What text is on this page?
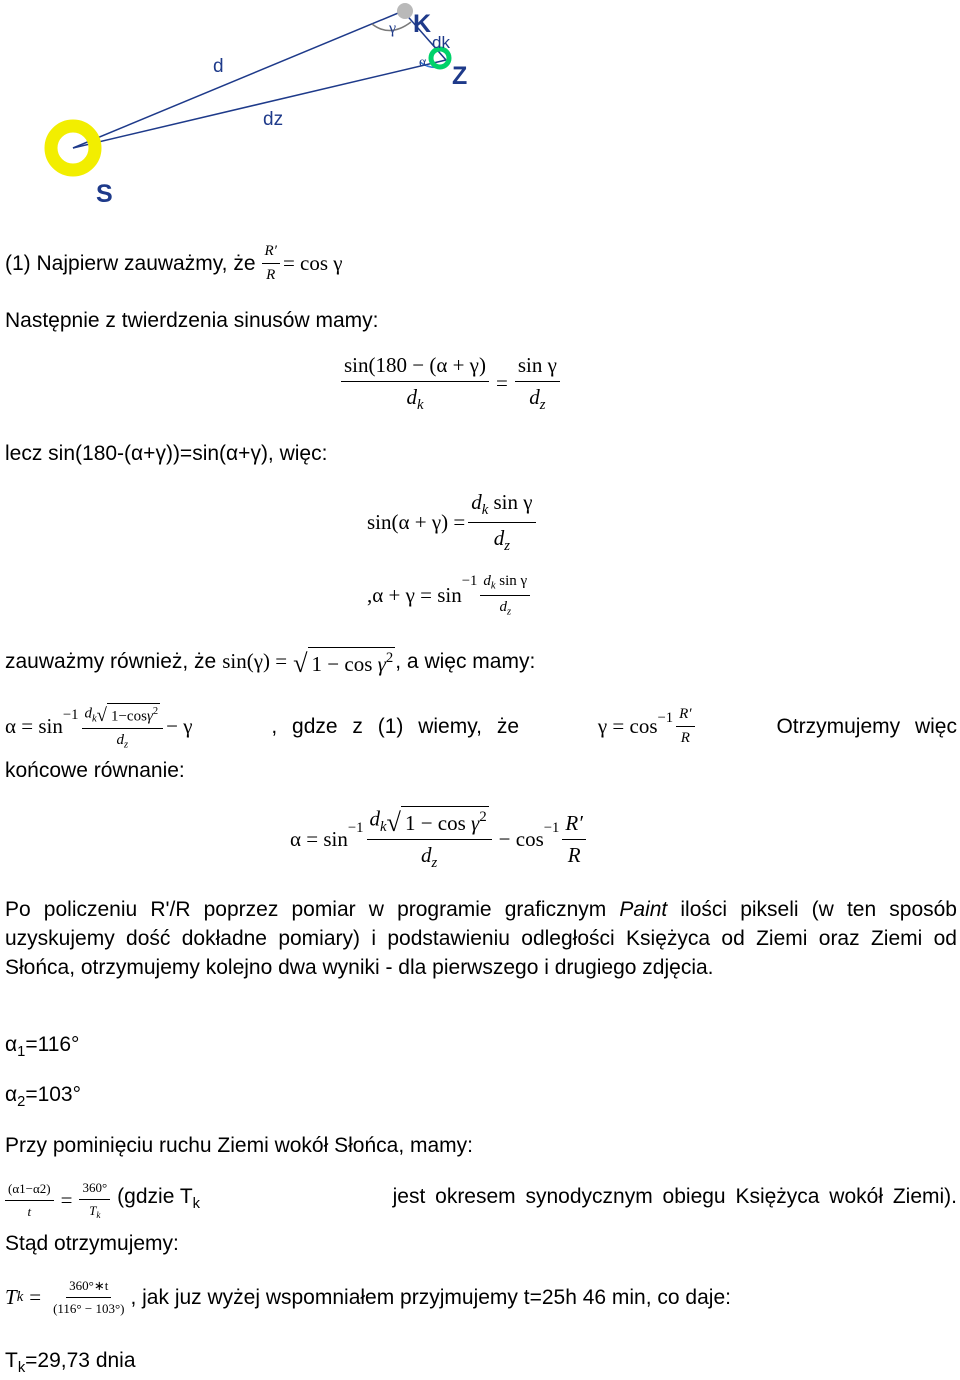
K
Z
S
d
dz
dk
γ
α
(1) Najpierw zauważmy, że $\frac{R'}{R} = \cos \gamma$
Następnie z twierdzenia sinusów mamy:
$\frac{\sin(180 - (\alpha + \gamma)}{d_k} = \frac{\text{sin γ}}{d_z}$
lecz sin(180-(α+γ))=sin(α+γ), więc:
$\sin(\alpha + \gamma) = \frac{d_k \sin \gamma}{d_z}$
,α + γ = sin
$^{-1} \frac{d_k \sin \gamma}{d_z}$
zauważmy również, że sin(γ) = √ $1 - \cos \gamma^2$ , a więc mamy:
$\alpha = \sin^{-1} \frac{d_k √ 1-\cos\gamma^2}{d_z} - \gamma$	, gdze z (1) wiemy, że	$\gamma = \cos^{-1} \frac{R'}{R}$	Otrzymujemy więc
końcowe równanie:
$\alpha = \sin^{-1} \frac{d_k √ 1 - \cos \gamma^2}{d_z} - \cos^{-1} \frac{R'}{R}$
Po policzeniu R'/R poprzez pomiar w programie graficznym Paint ilości pikseli (w ten sposób uzyskujemy dość dokładne pomiary) i podstawieniu odległości Księżyca od Ziemi oraz Ziemi od Słońca, otrzymujemy kolejno dwa wyniki - dla pierwszego i drugiego zdjęcia.
$\alpha_1=116^\circ$
$\alpha_2=103^\circ$
Przy pominięciu ruchu Ziemi wokół Słońca, mamy:
$\frac{(\alpha 1-\alpha 2)}{t} = \frac{360^\circ}{T_k}$ (gdzie $T_k$	jest okresem synodycznym obiegu Księżyca wokół Ziemi).
Stąd otrzymujemy:
T $k = \frac{360^\circ∗t}{(116^\circ - 103^\circ)}$ , jak juz wyżej wspomniałem przyjmujemy t=25h 46 min, co daje:
$T_k=29,73$ dnia
